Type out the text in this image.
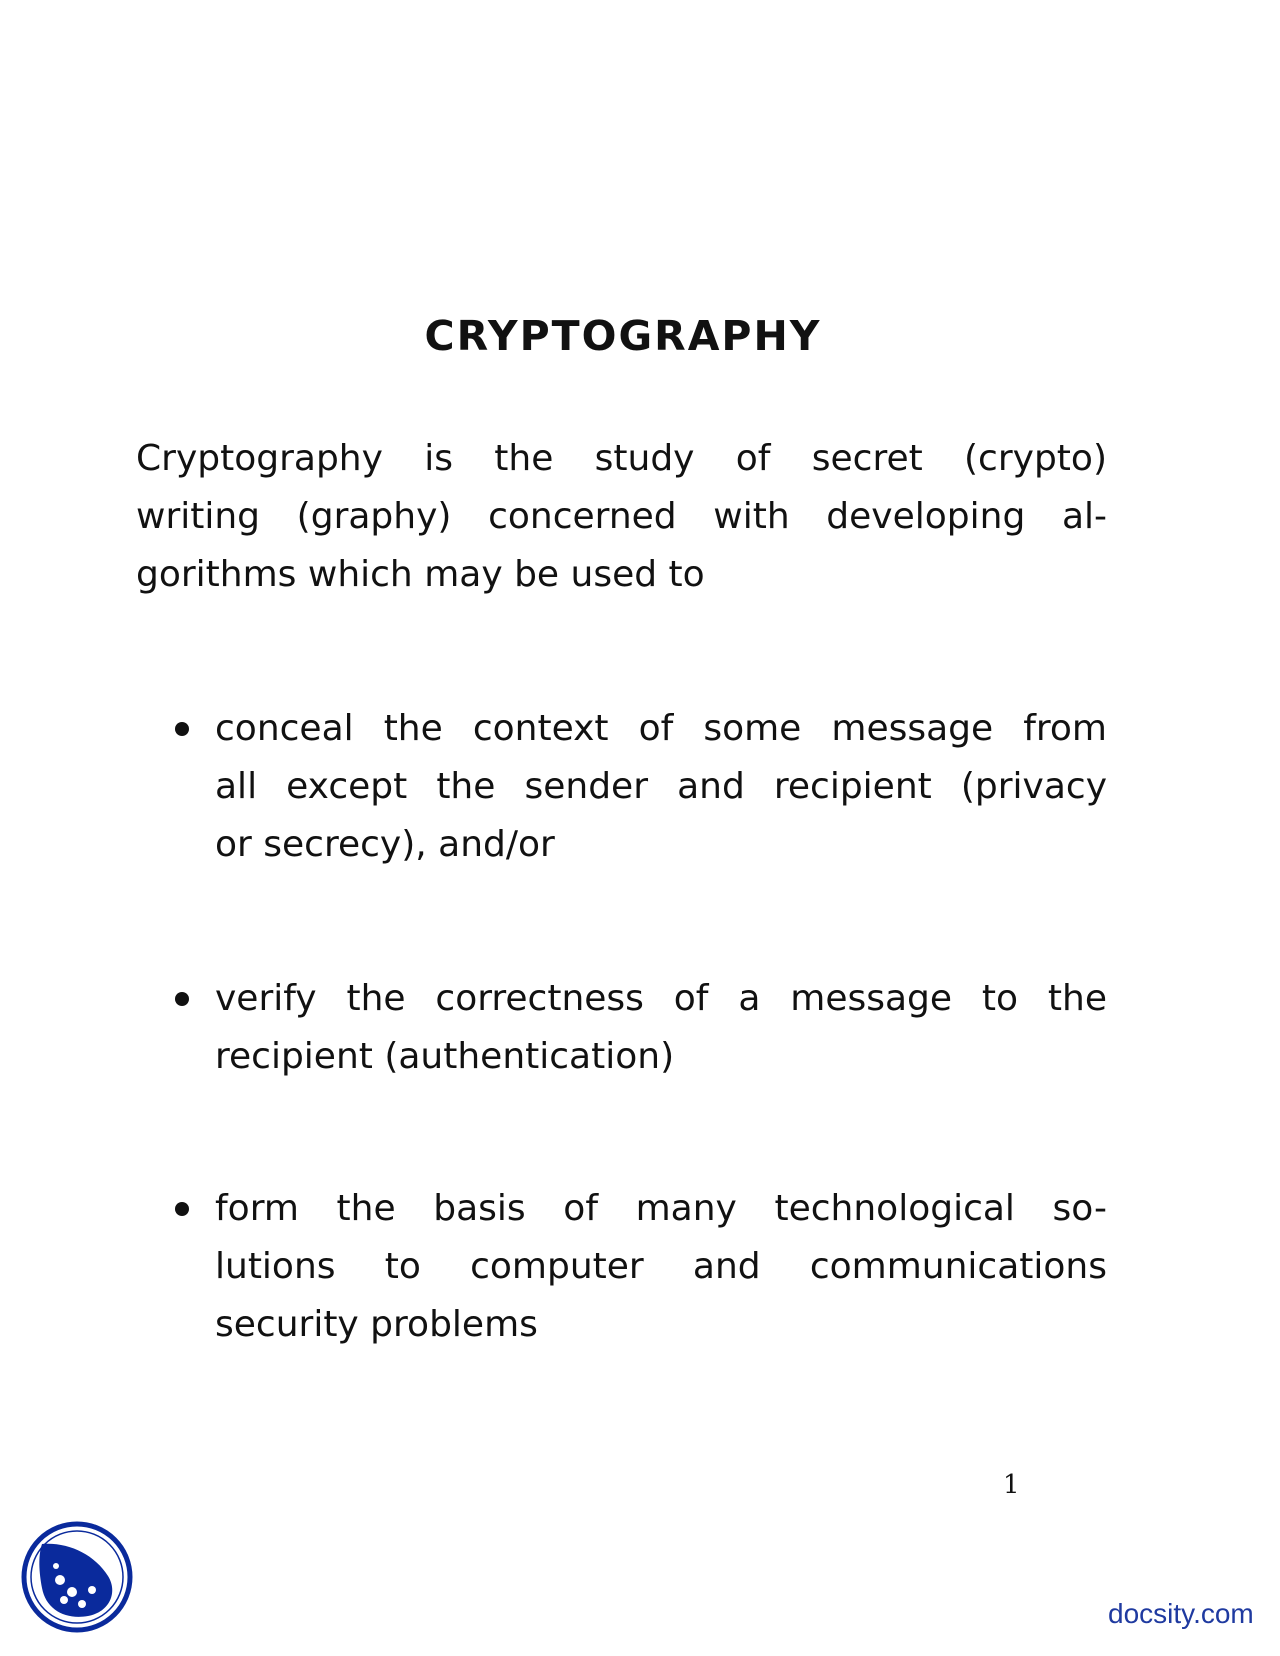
CRYPTOGRAPHY

Cryptography is the study of secret (crypto)

writing (graphy) concerned with developing al-

gorithms which may be used to

conceal the context of some message from

all except the sender and recipient (privacy

or secrecy), and/or

verify the correctness of a message to the

recipient (authentication)

form the basis of many technological so-

lutions to computer and communications

security problems

1

docsity.com
